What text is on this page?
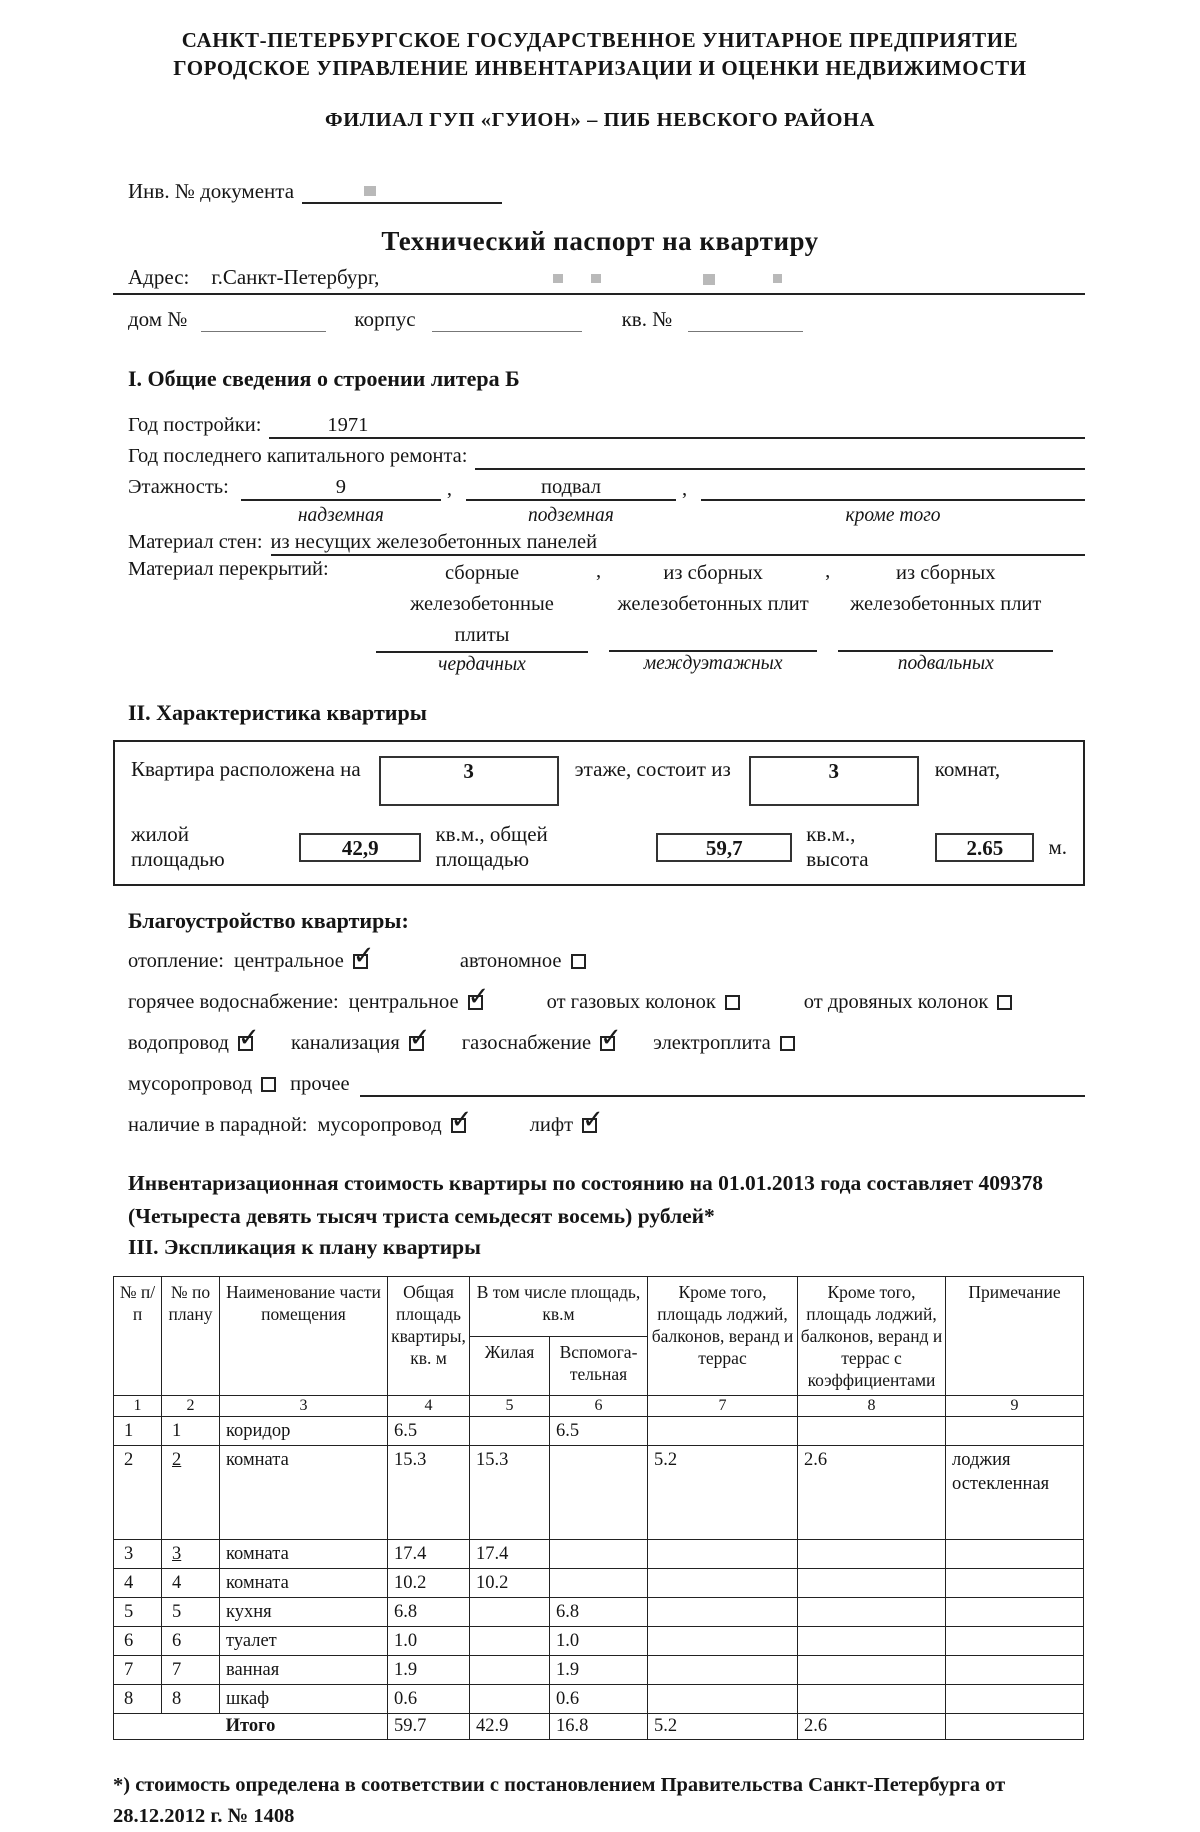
САНКТ-ПЕТЕРБУРГСКОЕ ГОСУДАРСТВЕННОЕ УНИТАРНОЕ ПРЕДПРИЯТИЕ
ГОРОДСКОЕ УПРАВЛЕНИЕ ИНВЕНТАРИЗАЦИИ И ОЦЕНКИ НЕДВИЖИМОСТИ
ФИЛИАЛ ГУП «ГУИОН» – ПИБ НЕВСКОГО РАЙОНА
Инв. № документа
Технический паспорт на квартиру
Адрес: г.Санкт-Петербург,
дом №	корпус	кв. №
I. Общие сведения о строении литера Б
Год постройки:	1971
Год последнего капитального ремонта:
Этажность:	9
надземная
,	подвал
подземная
,
кроме того
Материал стен: из несущих железобетонных панелей
Материал перекрытий:	сборные железобетонные плиты
чердачных
,	из сборных железобетонных плит
междуэтажных
,	из сборных железобетонных плит
подвальных
II. Характеристика квартиры
Квартира расположена на	3	этаже, состоит из	3	комнат,
жилой площадью	42,9
кв.м., общей площадью	59,7
кв.м., высота	2.65	м.
Благоустройство квартиры:
отопление: центральное ✓	автономное
горячее водоснабжение: центральное ✓	от газовых колонок	от дровяных колонок
водопровод ✓	канализация ✓	газоснабжение ✓	электроплита
мусоропровод прочее
наличие в парадной: мусоропровод ✓	лифт
✓
Инвентаризационная стоимость квартиры по состоянию на 01.01.2013 года составляет 409378 (Четыреста девять тысяч триста семьдесят восемь) рублей*
III. Экспликация к плану квартиры
№ п/п	№ по плану	Наименование части помещения	Общая площадь квартиры, кв. м	В том числе площадь, кв.м		Кроме того, площадь лоджий, балконов, веранд и террас	Кроме того, площадь лоджий, балконов, веранд и террас с коэффициентами	Примечание
				Жилая	Вспомога-тельная			
1	2	3	4	5	6	7	8	9
1	1	коридор	6.5		6.5			
2	2	комната	15.3	15.3		5.2	2.6	лоджия остекленная
3	3	комната	17.4	17.4				
4	4	комната	10.2	10.2				
5	5	кухня	6.8		6.8			
6	6	туалет	1.0		1.0			
7	7	ванная	1.9		1.9			
8	8	шкаф	0.6		0.6			
Итого			59.7	42.9	16.8	5.2	2.6	
*) стоимость определена в соответствии с постановлением Правительства Санкт-Петербурга от 28.12.2012 г. № 1408
